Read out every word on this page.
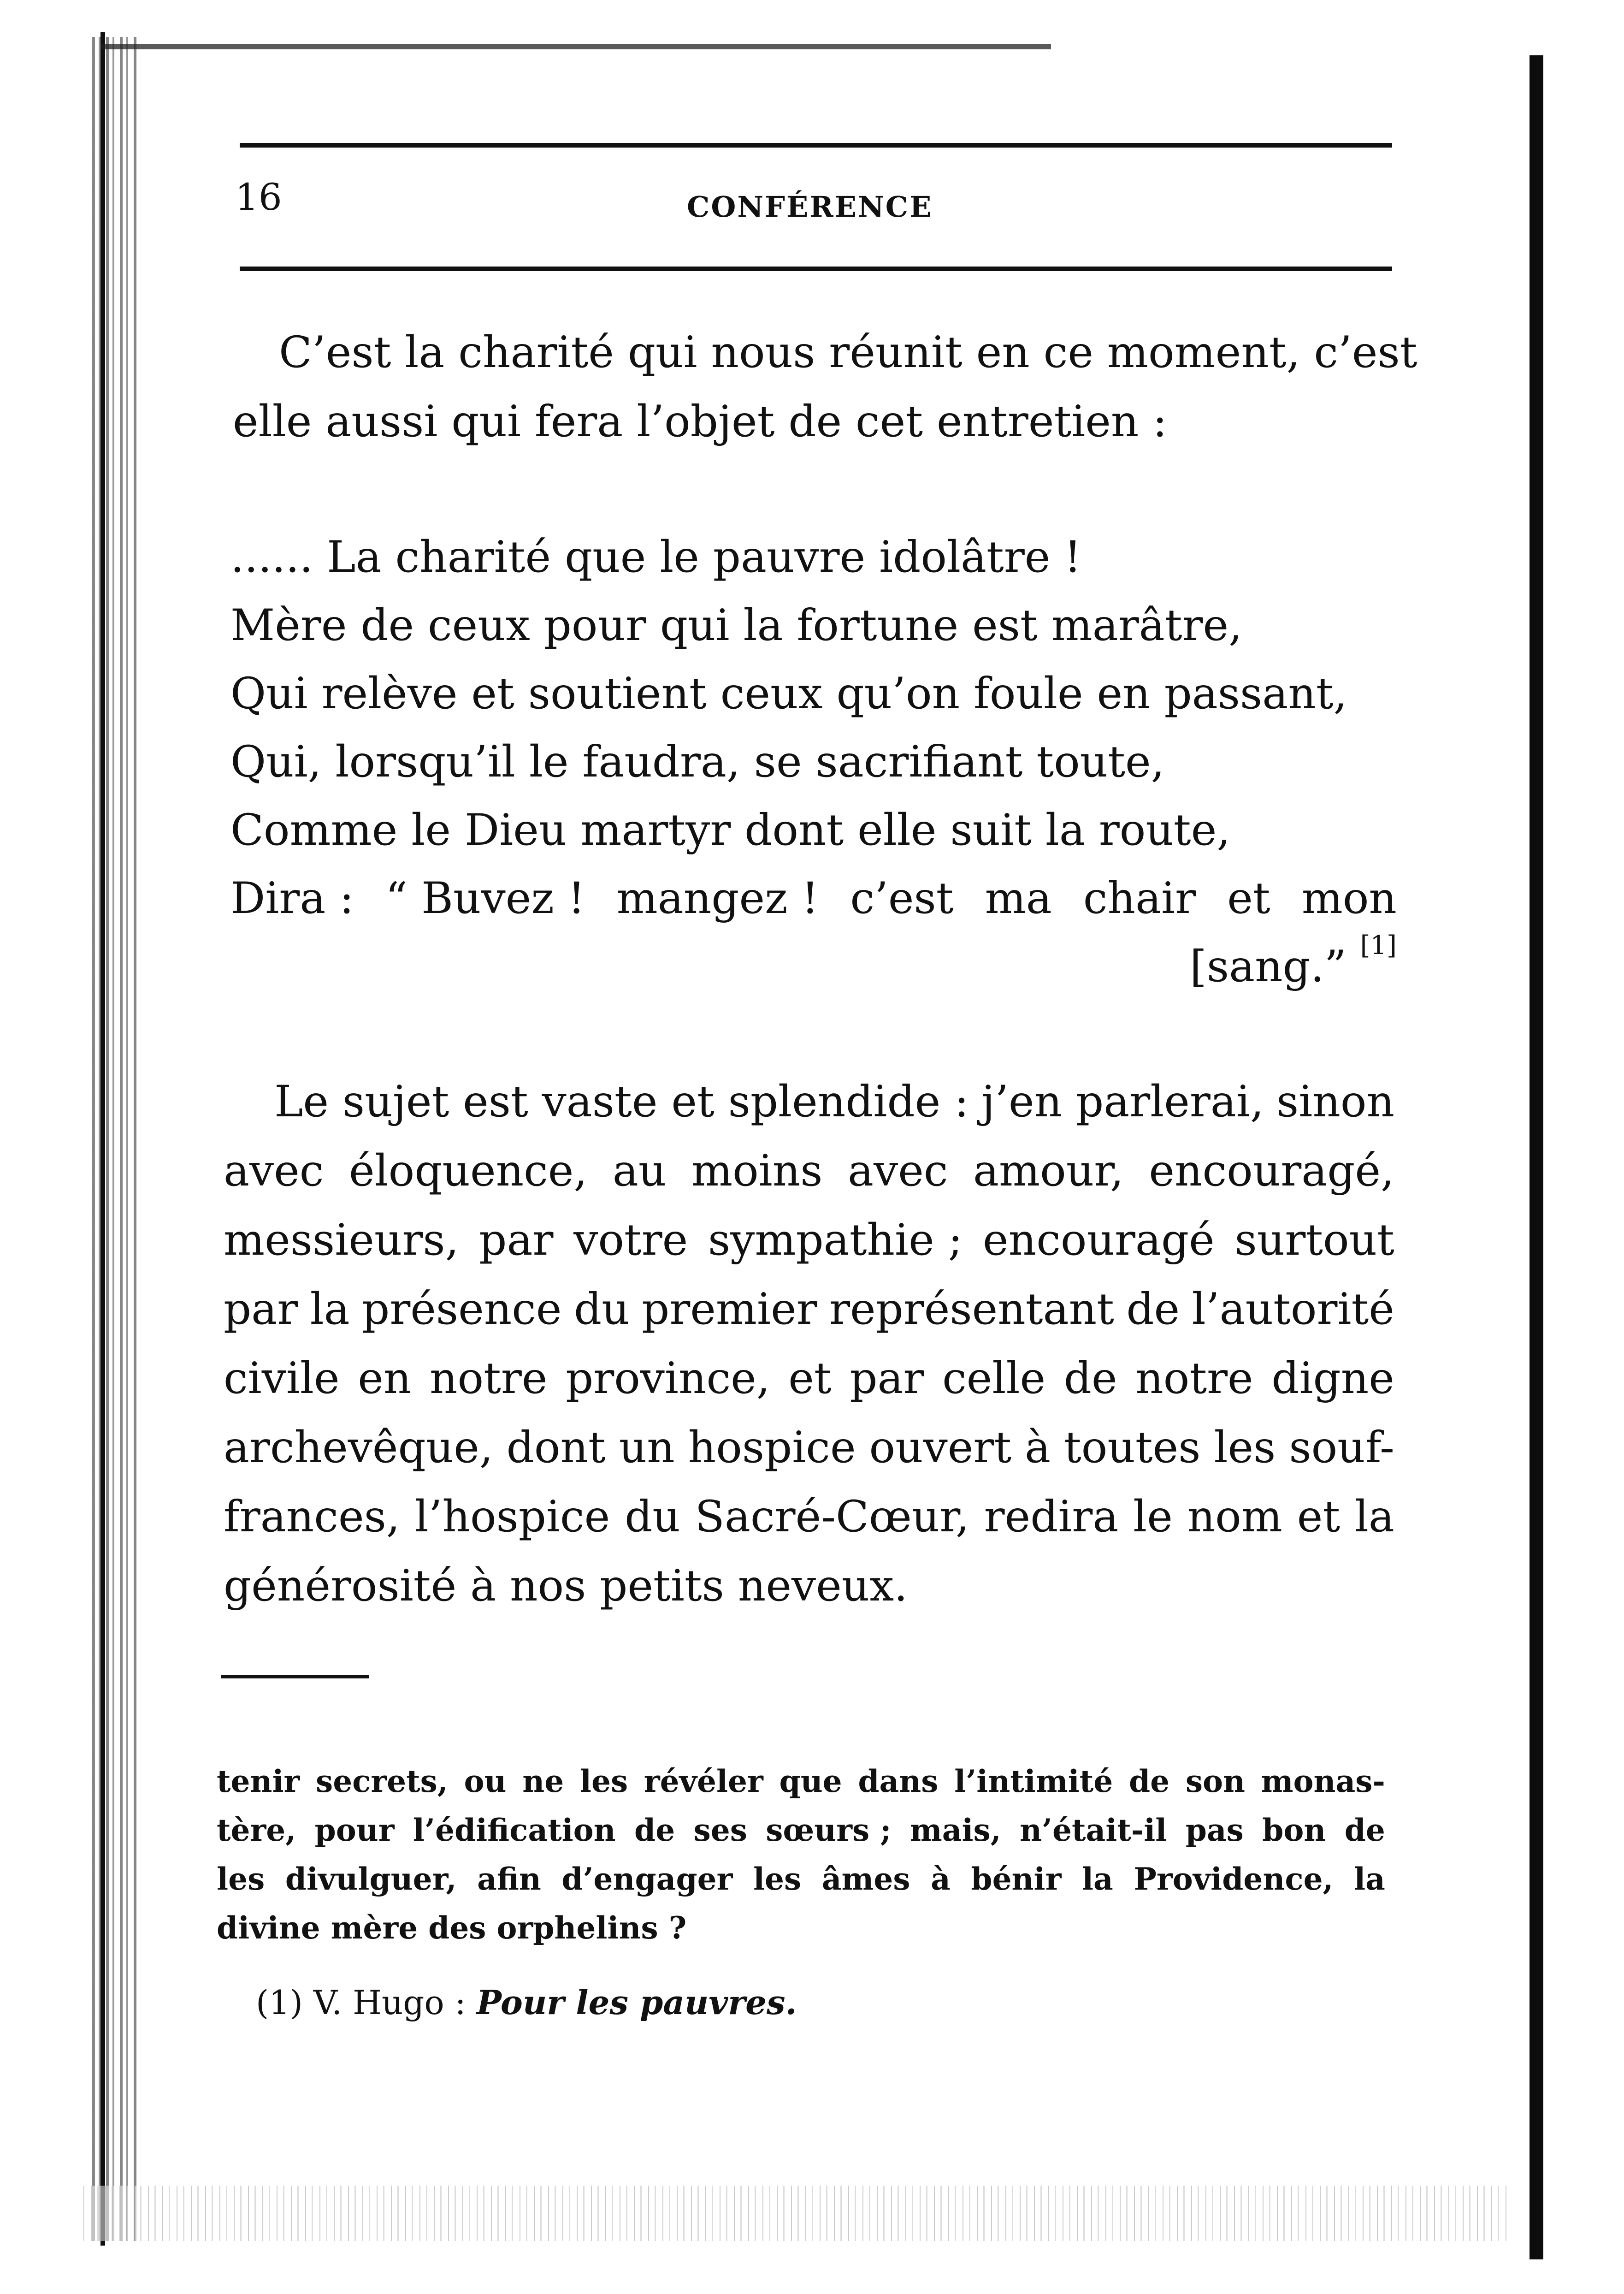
16	CONFÉRENCE
C’est la charité qui nous réunit en ce moment, c’est
elle aussi qui fera l’objet de cet entretien :
...... La charité que le pauvre idolâtre !
Mère de ceux pour qui la fortune est marâtre,
Qui relève et soutient ceux qu’on foule en passant,
Qui, lorsqu’il le faudra, se sacrifiant toute,
Comme le Dieu martyr dont elle suit la route,
Dira : “ Buvez ! mangez ! c’est ma chair et mon
[sang.” [1]
Le sujet est vaste et splendide : j’en parlerai, sinon
avec éloquence, au moins avec amour, encouragé,
messieurs, par votre sympathie ; encouragé surtout
par la présence du premier représentant de l’autorité
civile en notre province, et par celle de notre digne
archevêque, dont un hospice ouvert à toutes les souf-
frances, l’hospice du Sacré-Cœur, redira le nom et la
générosité à nos petits neveux.
tenir secrets, ou ne les révéler que dans l’intimité de son monas-
tère, pour l’édification de ses sœurs ; mais, n’était-il pas bon de
les divulguer, afin d’engager les âmes à bénir la Providence, la
divine mère des orphelins ?
(1) V. Hugo : Pour les pauvres.
